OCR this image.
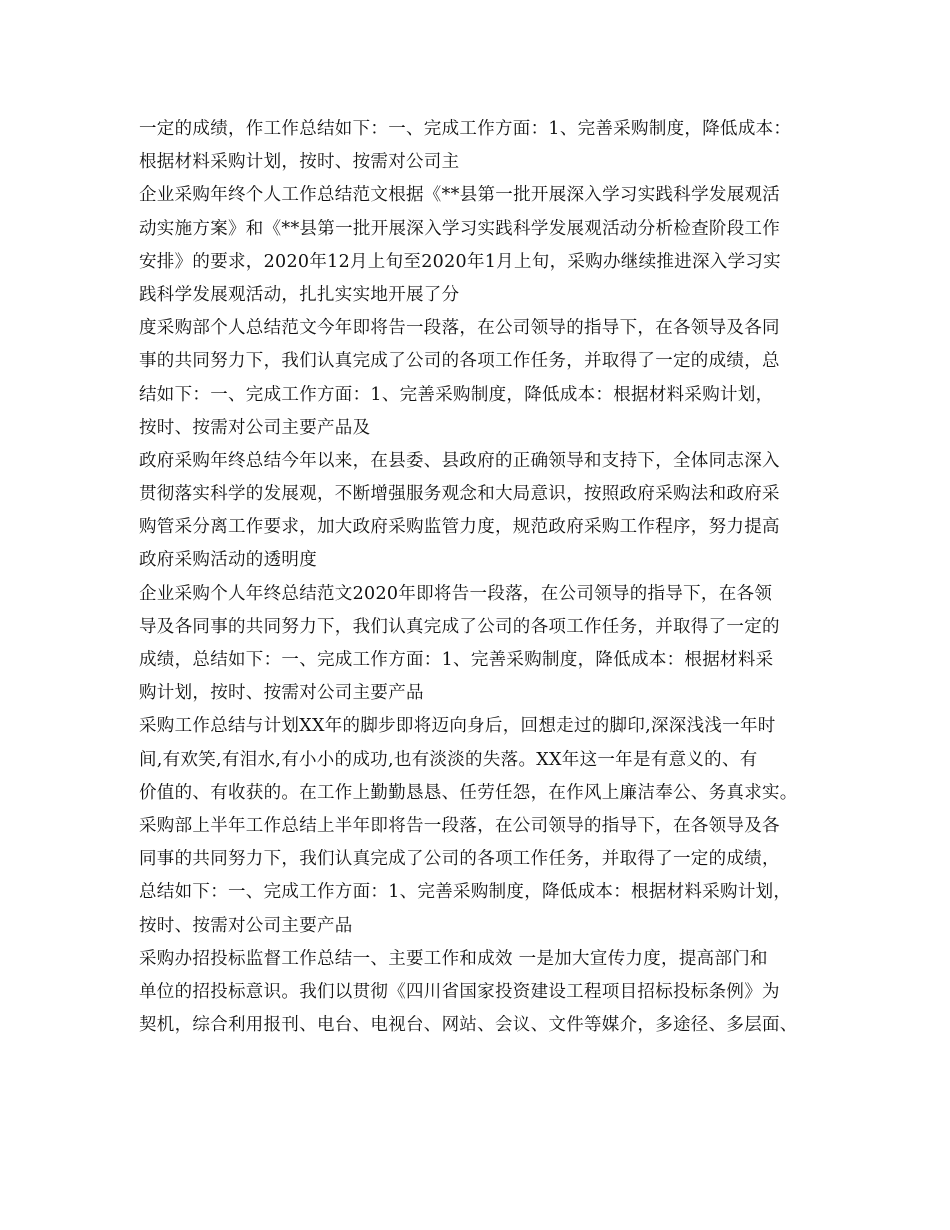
一定的成绩，作工作总结如下：一、完成工作方面：1、完善采购制度，降低成本：
根据材料采购计划，按时、按需对公司主
企业采购年终个人工作总结范文根据《**县第一批开展深入学习实践科学发展观活
动实施方案》和《**县第一批开展深入学习实践科学发展观活动分析检查阶段工作
安排》的要求，2020年12月上旬至2020年1月上旬，采购办继续推进深入学习实
践科学发展观活动，扎扎实实地开展了分
度采购部个人总结范文今年即将告一段落，在公司领导的指导下，在各领导及各同
事的共同努力下，我们认真完成了公司的各项工作任务，并取得了一定的成绩，总
结如下：一、完成工作方面：1、完善采购制度，降低成本：根据材料采购计划，
按时、按需对公司主要产品及
政府采购年终总结今年以来，在县委、县政府的正确领导和支持下，全体同志深入
贯彻落实科学的发展观，不断增强服务观念和大局意识，按照政府采购法和政府采
购管采分离工作要求，加大政府采购监管力度，规范政府采购工作程序，努力提高
政府采购活动的透明度
企业采购个人年终总结范文2020年即将告一段落，在公司领导的指导下，在各领
导及各同事的共同努力下，我们认真完成了公司的各项工作任务，并取得了一定的
成绩，总结如下：一、完成工作方面：1、完善采购制度，降低成本：根据材料采
购计划，按时、按需对公司主要产品
采购工作总结与计划XX年的脚步即将迈向身后，回想走过的脚印,深深浅浅一年时
间,有欢笑,有泪水,有小小的成功,也有淡淡的失落。XX年这一年是有意义的、有
价值的、有收获的。在工作上勤勤恳恳、任劳任怨，在作风上廉洁奉公、务真求实。
采购部上半年工作总结上半年即将告一段落，在公司领导的指导下，在各领导及各
同事的共同努力下，我们认真完成了公司的各项工作任务，并取得了一定的成绩，
总结如下：一、完成工作方面：1、完善采购制度，降低成本：根据材料采购计划，
按时、按需对公司主要产品
采购办招投标监督工作总结一、主要工作和成效 一是加大宣传力度，提高部门和
单位的招投标意识。我们以贯彻《四川省国家投资建设工程项目招标投标条例》为
契机，综合利用报刊、电台、电视台、网站、会议、文件等媒介，多途径、多层面、
